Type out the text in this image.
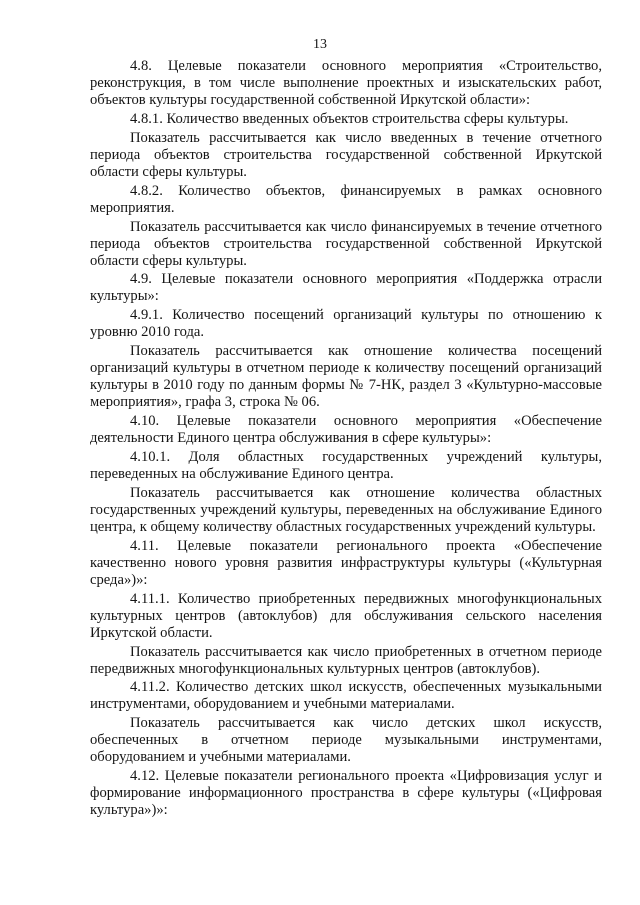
13

4.8. Целевые показатели основного мероприятия «Строительство, реконструкция, в том числе выполнение проектных и изыскательских работ, объектов культуры государственной собственной Иркутской области»:

4.8.1. Количество введенных объектов строительства сферы культуры.

Показатель рассчитывается как число введенных в течение отчетного периода объектов строительства государственной собственной Иркутской области сферы культуры.

4.8.2. Количество объектов, финансируемых в рамках основного мероприятия.

Показатель рассчитывается как число финансируемых в течение отчетного периода объектов строительства государственной собственной Иркутской области сферы культуры.

4.9. Целевые показатели основного мероприятия «Поддержка отрасли культуры»:

4.9.1. Количество посещений организаций культуры по отношению к уровню 2010 года.

Показатель рассчитывается как отношение количества посещений организаций культуры в отчетном периоде к количеству посещений организаций культуры в 2010 году по данным формы № 7-НК, раздел 3 «Культурно-массовые мероприятия», графа 3, строка № 06.

4.10. Целевые показатели основного мероприятия «Обеспечение деятельности Единого центра обслуживания в сфере культуры»:

4.10.1. Доля областных государственных учреждений культуры, переведенных на обслуживание Единого центра.

Показатель рассчитывается как отношение количества областных государственных учреждений культуры, переведенных на обслуживание Единого центра, к общему количеству областных государственных учреждений культуры.

4.11. Целевые показатели регионального проекта «Обеспечение качественно нового уровня развития инфраструктуры культуры («Культурная среда»)»:

4.11.1. Количество приобретенных передвижных многофункциональных культурных центров (автоклубов) для обслуживания сельского населения Иркутской области.

Показатель рассчитывается как число приобретенных в отчетном периоде передвижных многофункциональных культурных центров (автоклубов).

4.11.2. Количество детских школ искусств, обеспеченных музыкальными инструментами, оборудованием и учебными материалами.

Показатель рассчитывается как число детских школ искусств, обеспеченных в отчетном периоде музыкальными инструментами, оборудованием и учебными материалами.

4.12. Целевые показатели регионального проекта «Цифровизация услуг и формирование информационного пространства в сфере культуры («Цифровая культура»)»:
